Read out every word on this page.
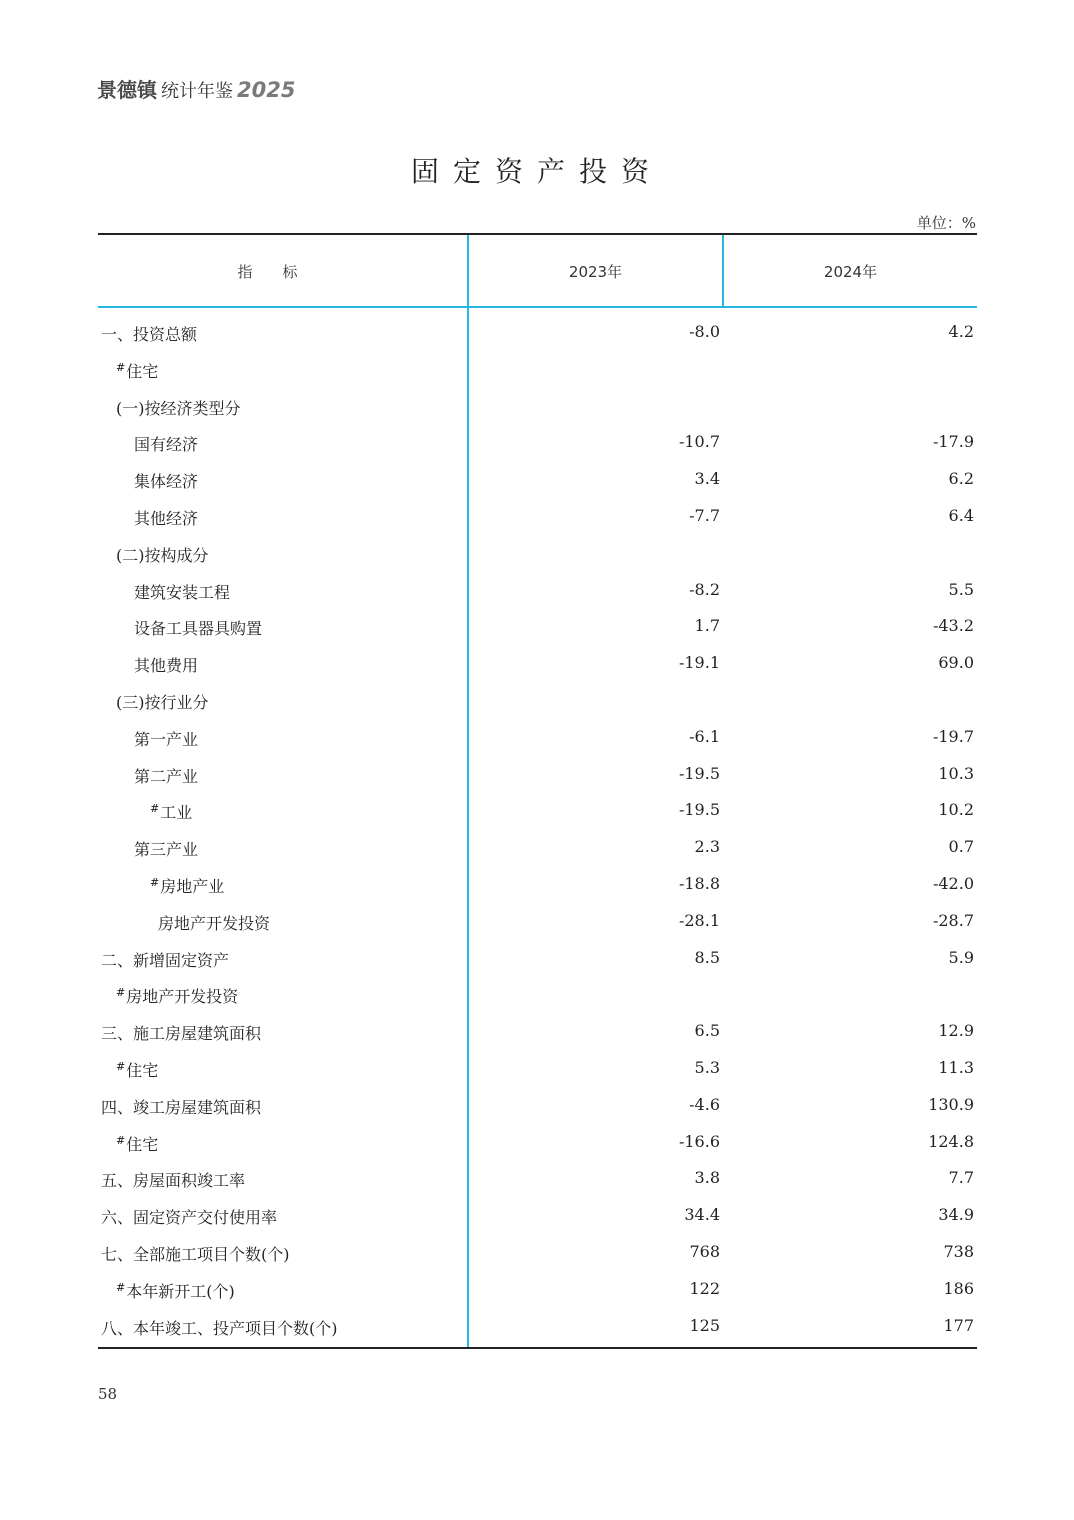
景德镇 统计年鉴 2025
固定资产投资
单位：%
指标	2023年	2024年
一、投资总额	-8.0	4.2
#住宅
(一)按经济类型分
国有经济	-10.7	-17.9
集体经济	3.4	6.2
其他经济	-7.7	6.4
(二)按构成分
建筑安装工程	-8.2	5.5
设备工具器具购置	1.7	-43.2
其他费用	-19.1	69.0
(三)按行业分
第一产业	-6.1	-19.7
第二产业	-19.5	10.3
#工业	-19.5	10.2
第三产业	2.3	0.7
#房地产业	-18.8	-42.0
房地产开发投资	-28.1	-28.7
二、新增固定资产	8.5	5.9
#房地产开发投资
三、施工房屋建筑面积	6.5	12.9
#住宅	5.3	11.3
四、竣工房屋建筑面积	-4.6	130.9
#住宅	-16.6	124.8
五、房屋面积竣工率	3.8	7.7
六、固定资产交付使用率	34.4	34.9
七、全部施工项目个数(个)	768	738
#本年新开工(个)	122	186
八、本年竣工、投产项目个数(个)	125	177
58
